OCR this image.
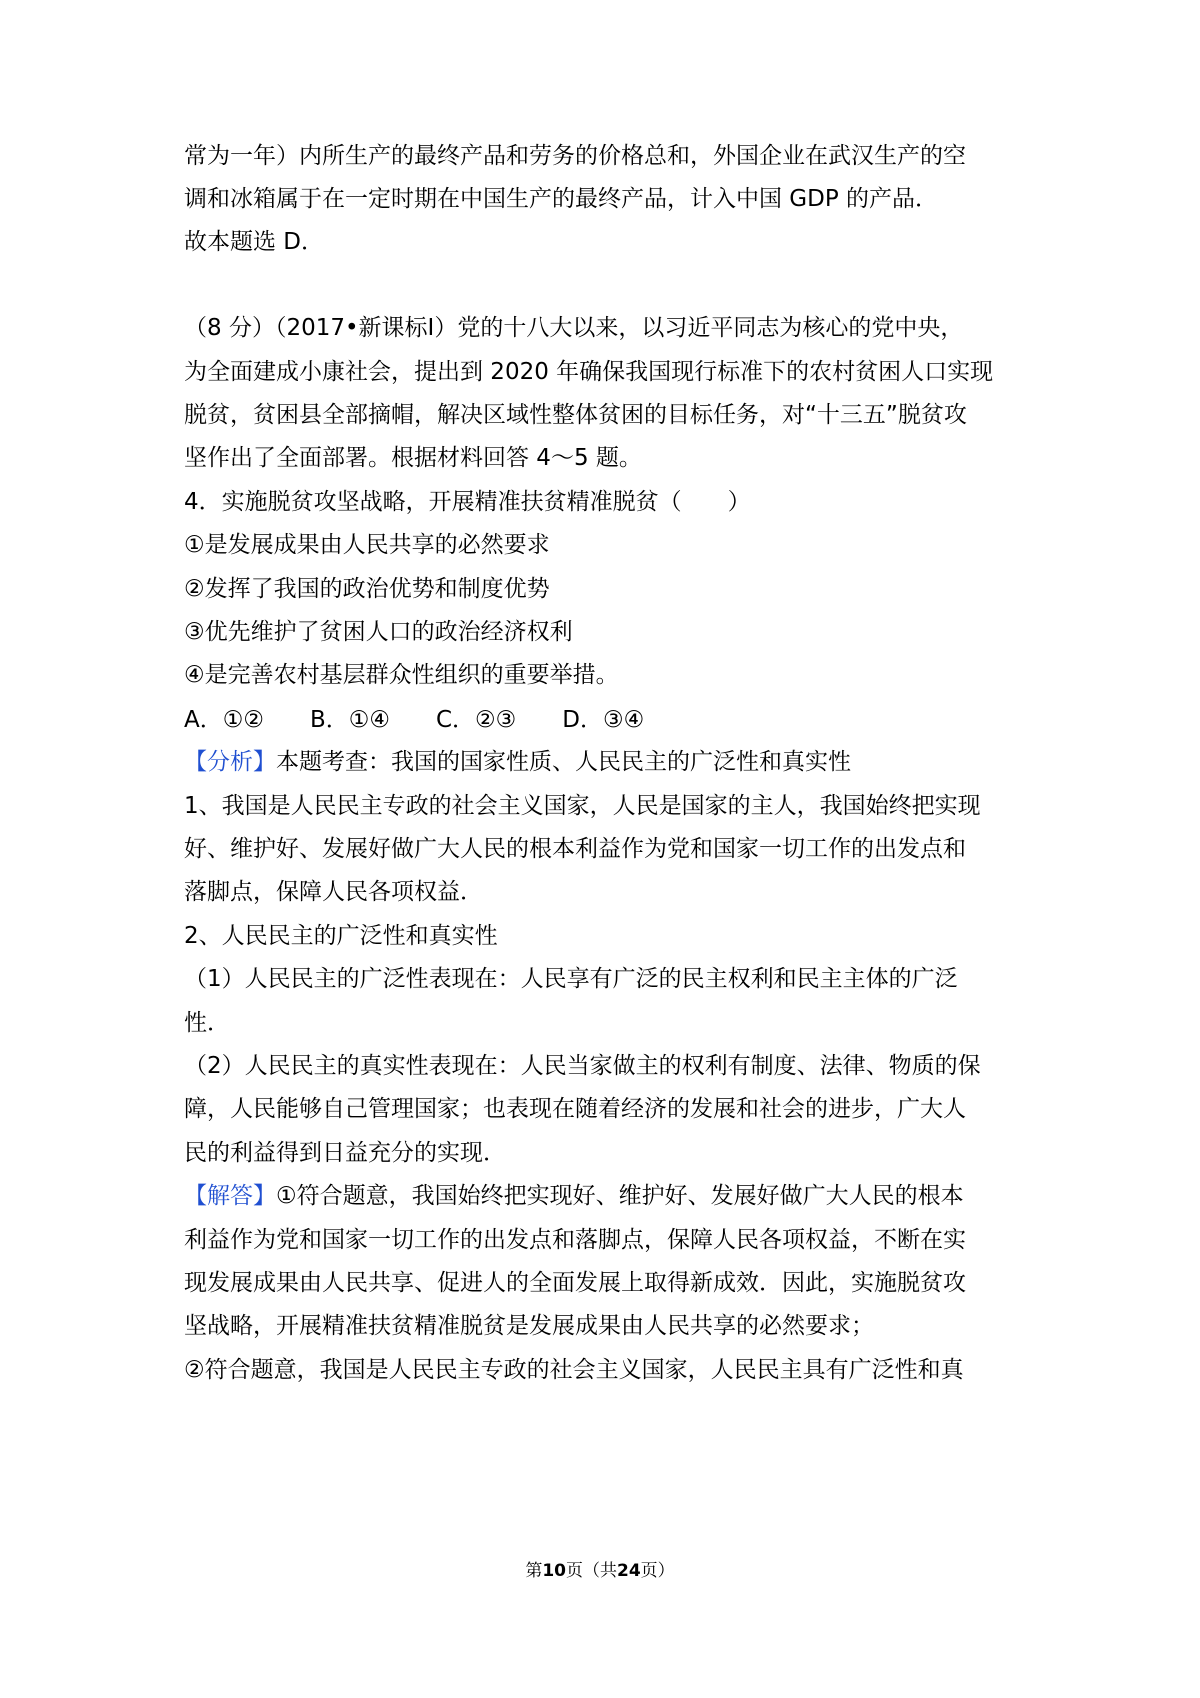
常为一年）内所生产的最终产品和劳务的价格总和，外国企业在武汉生产的空

调和冰箱属于在一定时期在中国生产的最终产品，计入中国 GDP 的产品．

故本题选 D．

（8 分）（2017•新课标Ⅰ）党的十八大以来，以习近平同志为核心的党中央，

为全面建成小康社会，提出到 2020 年确保我国现行标准下的农村贫困人口实现

脱贫，贫困县全部摘帽，解决区域性整体贫困的目标任务，对“十三五”脱贫攻

坚作出了全面部署。根据材料回答 4～5 题。

4．实施脱贫攻坚战略，开展精准扶贫精准脱贫（　　）

①是发展成果由人民共享的必然要求

②发挥了我国的政治优势和制度优势

③优先维护了贫困人口的政治经济权利

④是完善农村基层群众性组织的重要举措。

A．①②　　B．①④　　C．②③　　D．③④

【分析】本题考查：我国的国家性质、人民民主的广泛性和真实性

1、我国是人民民主专政的社会主义国家，人民是国家的主人，我国始终把实现

好、维护好、发展好做广大人民的根本利益作为党和国家一切工作的出发点和

落脚点，保障人民各项权益．

2、人民民主的广泛性和真实性

（1）人民民主的广泛性表现在：人民享有广泛的民主权利和民主主体的广泛

性．

（2）人民民主的真实性表现在：人民当家做主的权利有制度、法律、物质的保

障，人民能够自己管理国家；也表现在随着经济的发展和社会的进步，广大人

民的利益得到日益充分的实现．

【解答】①符合题意，我国始终把实现好、维护好、发展好做广大人民的根本

利益作为党和国家一切工作的出发点和落脚点，保障人民各项权益，不断在实

现发展成果由人民共享、促进人的全面发展上取得新成效．因此，实施脱贫攻

坚战略，开展精准扶贫精准脱贫是发展成果由人民共享的必然要求；

②符合题意，我国是人民民主专政的社会主义国家，人民民主具有广泛性和真

第10页（共24页）
